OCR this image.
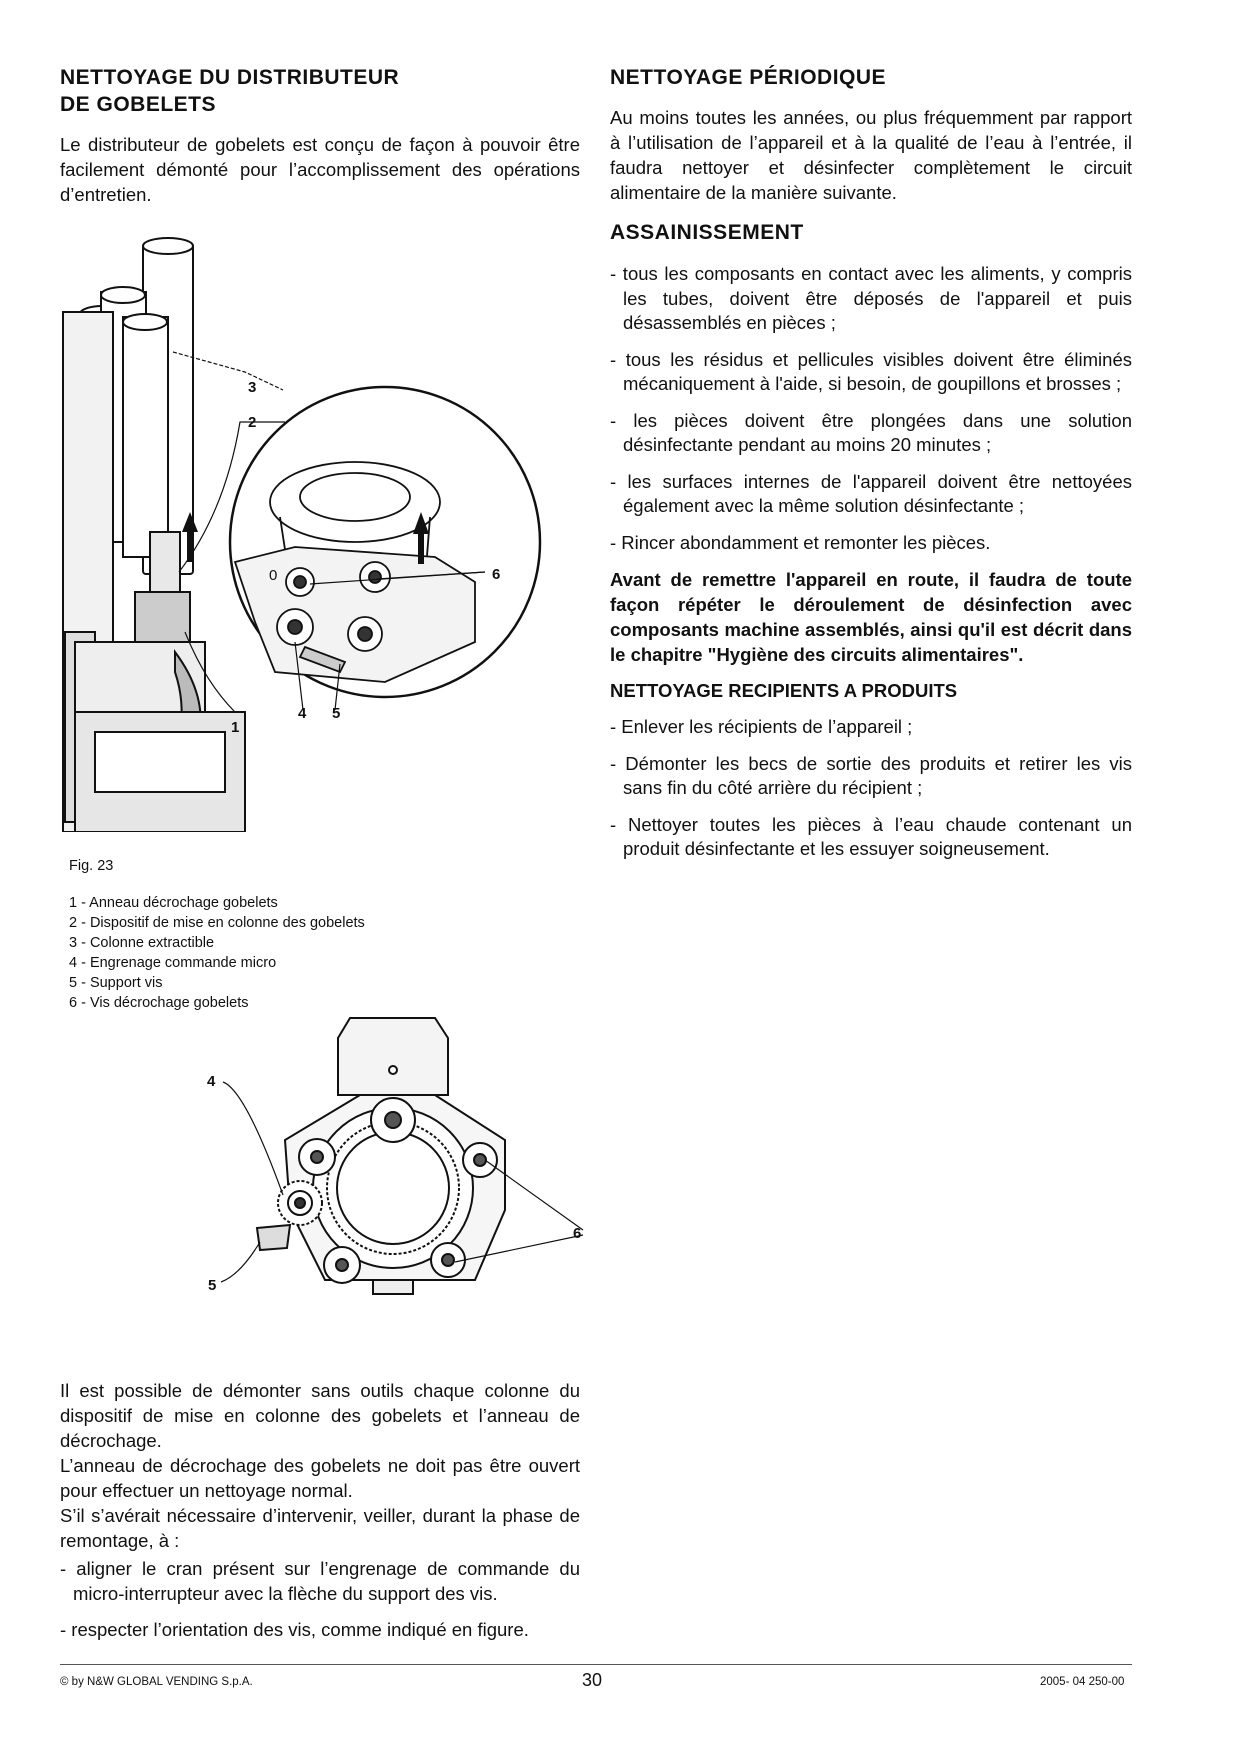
NETTOYAGE DU DISTRIBUTEUR
DE GOBELETS

Le distributeur de gobelets est conçu de façon à pouvoir être facilement démonté pour l’accomplissement des opérations d’entretien.

3
2
1
6
4 5
0
Fig. 23
1 - Anneau décrochage gobelets
2 - Dispositif de mise en colonne des gobelets
3 - Colonne extractible
4 - Engrenage commande micro
5 - Support vis
6 - Vis décrochage gobelets
4
5
6

Il est possible de démonter sans outils chaque colonne du dispositif de mise en colonne des gobelets et l’anneau de décrochage.

L’anneau de décrochage des gobelets ne doit pas être ouvert pour effectuer un nettoyage normal.

S’il s’avérait nécessaire d’intervenir, veiller, durant la phase de remontage, à :

- aligner le cran présent sur l’engrenage de commande du micro-interrupteur avec la flèche du support des vis.
- respecter l’orientation des vis, comme indiqué en figure.
NETTOYAGE PÉRIODIQUE

Au moins toutes les années, ou plus fréquemment par rapport à l’utilisation de l’appareil et à la qualité de l’eau à l’entrée, il faudra nettoyer et désinfecter complètement le circuit alimentaire de la manière suivante.

ASSAINISSEMENT
- tous les composants en contact avec les aliments, y compris les tubes, doivent être déposés de l'appareil et puis désassemblés en pièces ;
- tous les résidus et pellicules visibles doivent être éliminés mécaniquement à l'aide, si besoin, de goupillons et brosses ;
- les pièces doivent être plongées dans une solution désinfectante pendant au moins 20 minutes ;
- les surfaces internes de l'appareil doivent être nettoyées également avec la même solution désinfectante ;
- Rincer abondamment et remonter les pièces.

Avant de remettre l'appareil en route, il faudra de toute façon répéter le déroulement de désinfection avec composants machine assemblés, ainsi qu'il est décrit dans le chapitre "Hygiène des circuits alimentaires".

NETTOYAGE RECIPIENTS A PRODUITS
- Enlever les récipients de l’appareil ;
- Démonter les becs de sortie des produits et retirer les vis sans fin du côté arrière du récipient ;
- Nettoyer toutes les pièces à l’eau chaude contenant un produit désinfectante et les essuyer soigneusement.
© by N&W GLOBAL VENDING S.p.A.	30	2005- 04 250-00
